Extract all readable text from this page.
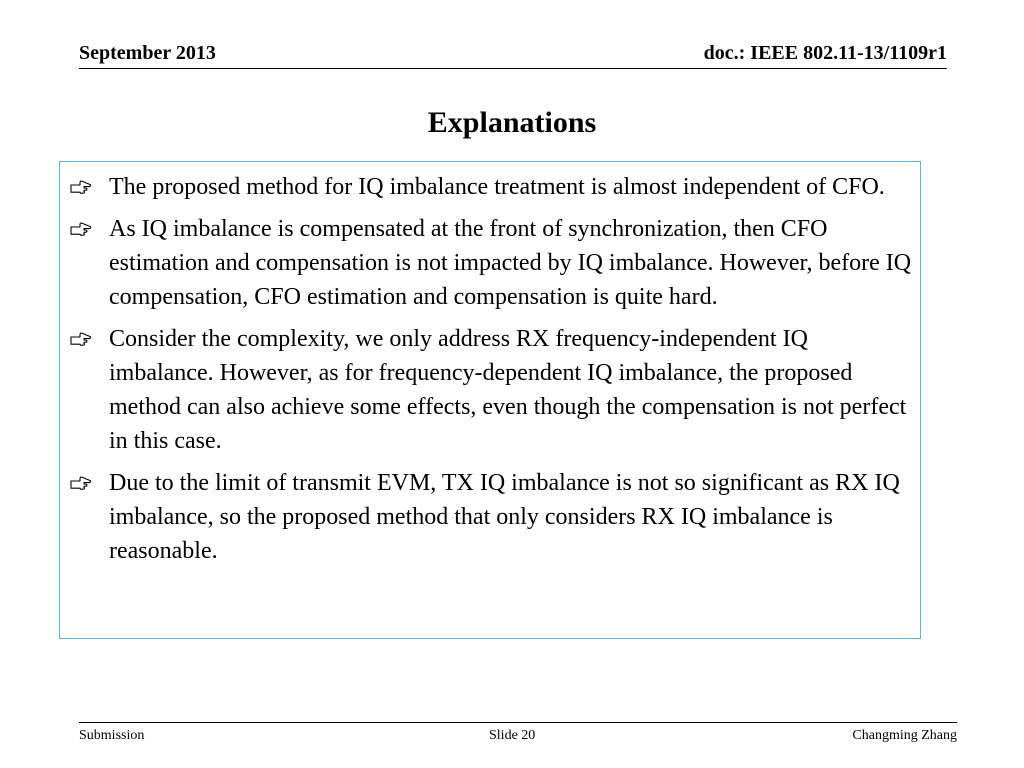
September 2013	doc.: IEEE 802.11-13/1109r1
Explanations
The proposed method for IQ imbalance treatment is almost independent of CFO.
As IQ imbalance is compensated at the front of synchronization, then CFO estimation and compensation is not impacted by IQ imbalance. However, before IQ compensation, CFO estimation and compensation is quite hard.
Consider the complexity, we only address RX frequency-independent IQ imbalance. However, as for frequency-dependent IQ imbalance, the proposed method can also achieve some effects, even though the compensation is not perfect in this case.
Due to the limit of transmit EVM, TX IQ imbalance is not so significant as RX IQ imbalance, so the proposed method that only considers RX IQ imbalance is reasonable.
Submission	Slide 20	Changming Zhang
